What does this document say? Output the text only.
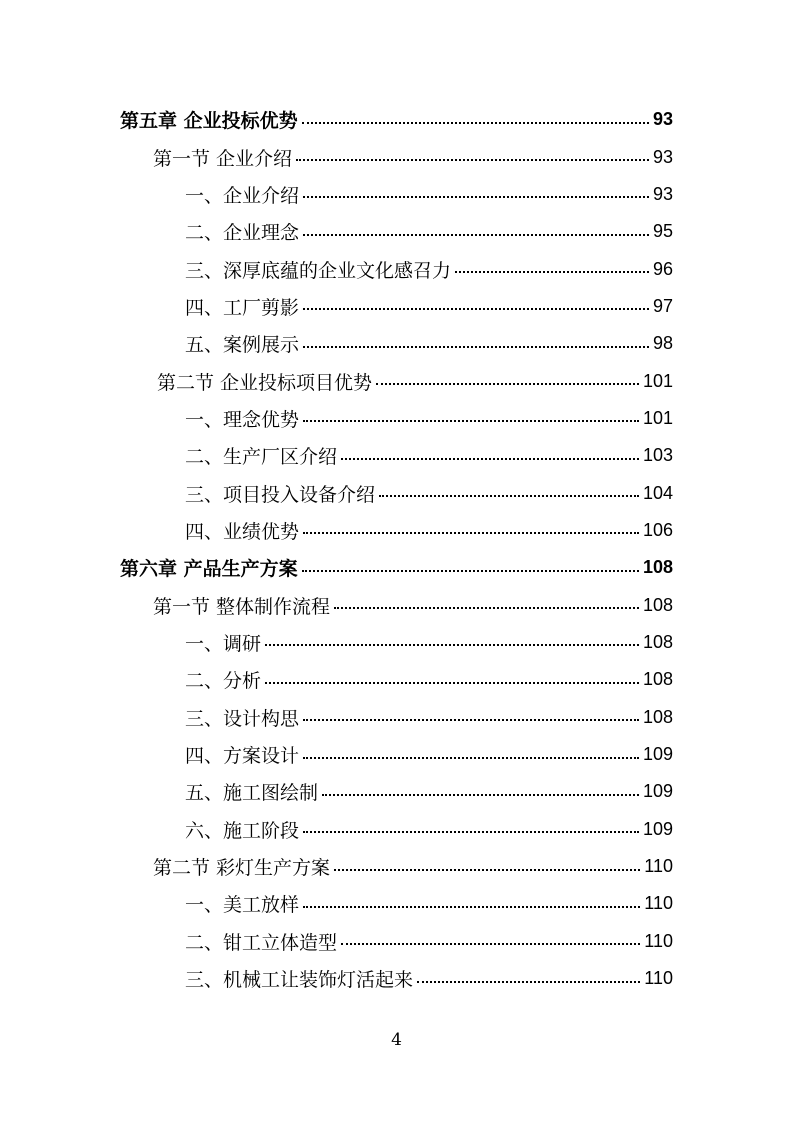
第五章 企业投标优势	93
第一节 企业介绍	93
一、企业介绍	93
二、企业理念	95
三、深厚底蕴的企业文化感召力	96
四、工厂剪影	97
五、案例展示	98
第二节 企业投标项目优势	101
一、理念优势	101
二、生产厂区介绍	103
三、项目投入设备介绍	104
四、业绩优势	106
第六章 产品生产方案	108
第一节 整体制作流程	108
一、调研	108
二、分析	108
三、设计构思	108
四、方案设计	109
五、施工图绘制	109
六、施工阶段	109
第二节 彩灯生产方案	110
一、美工放样	110
二、钳工立体造型	110
三、机械工让装饰灯活起来	110
4
